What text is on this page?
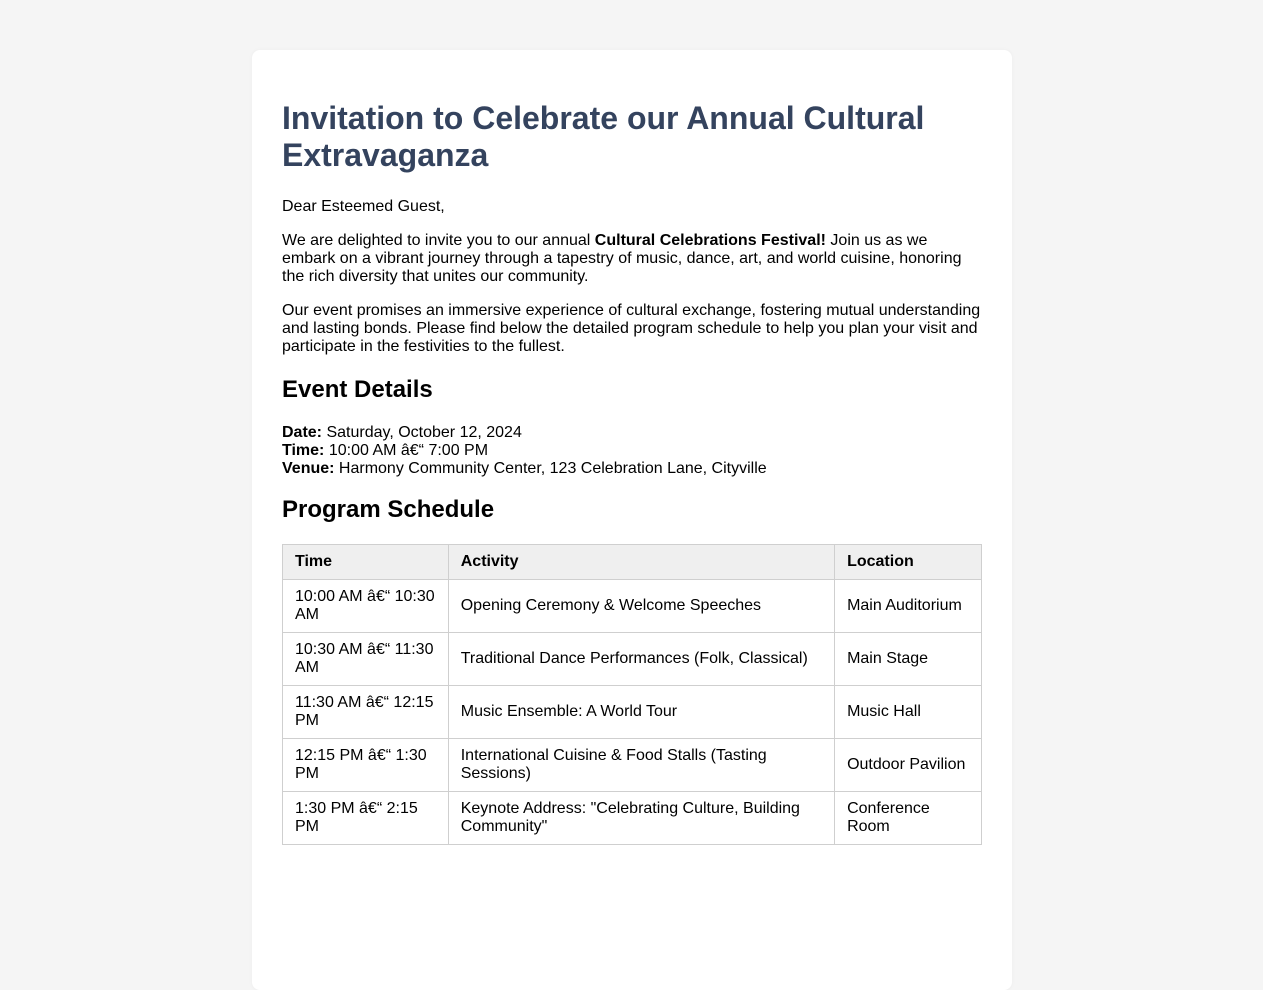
Invitation to Celebrate our Annual Cultural Extravaganza

Dear Esteemed Guest,

We are delighted to invite you to our annual Cultural Celebrations Festival! Join us as we embark on a vibrant journey through a tapestry of music, dance, art, and world cuisine, honoring the rich diversity that unites our community.

Our event promises an immersive experience of cultural exchange, fostering mutual understanding and lasting bonds. Please find below the detailed program schedule to help you plan your visit and participate in the festivities to the fullest.

Event Details
Date: Saturday, October 12, 2024
Time: 10:00 AM â€“ 7:00 PM
Venue: Harmony Community Center, 123 Celebration Lane, Cityville
Program Schedule
Time	Activity	Location
10:00 AM â€“ 10:30 AM	Opening Ceremony & Welcome Speeches	Main Auditorium
10:30 AM â€“ 11:30 AM	Traditional Dance Performances (Folk, Classical)	Main Stage
11:30 AM â€“ 12:15 PM	Music Ensemble: A World Tour	Music Hall
12:15 PM â€“ 1:30 PM	International Cuisine & Food Stalls (Tasting Sessions)	Outdoor Pavilion
1:30 PM â€“ 2:15 PM	Keynote Address: "Celebrating Culture, Building Community"	Conference Room
